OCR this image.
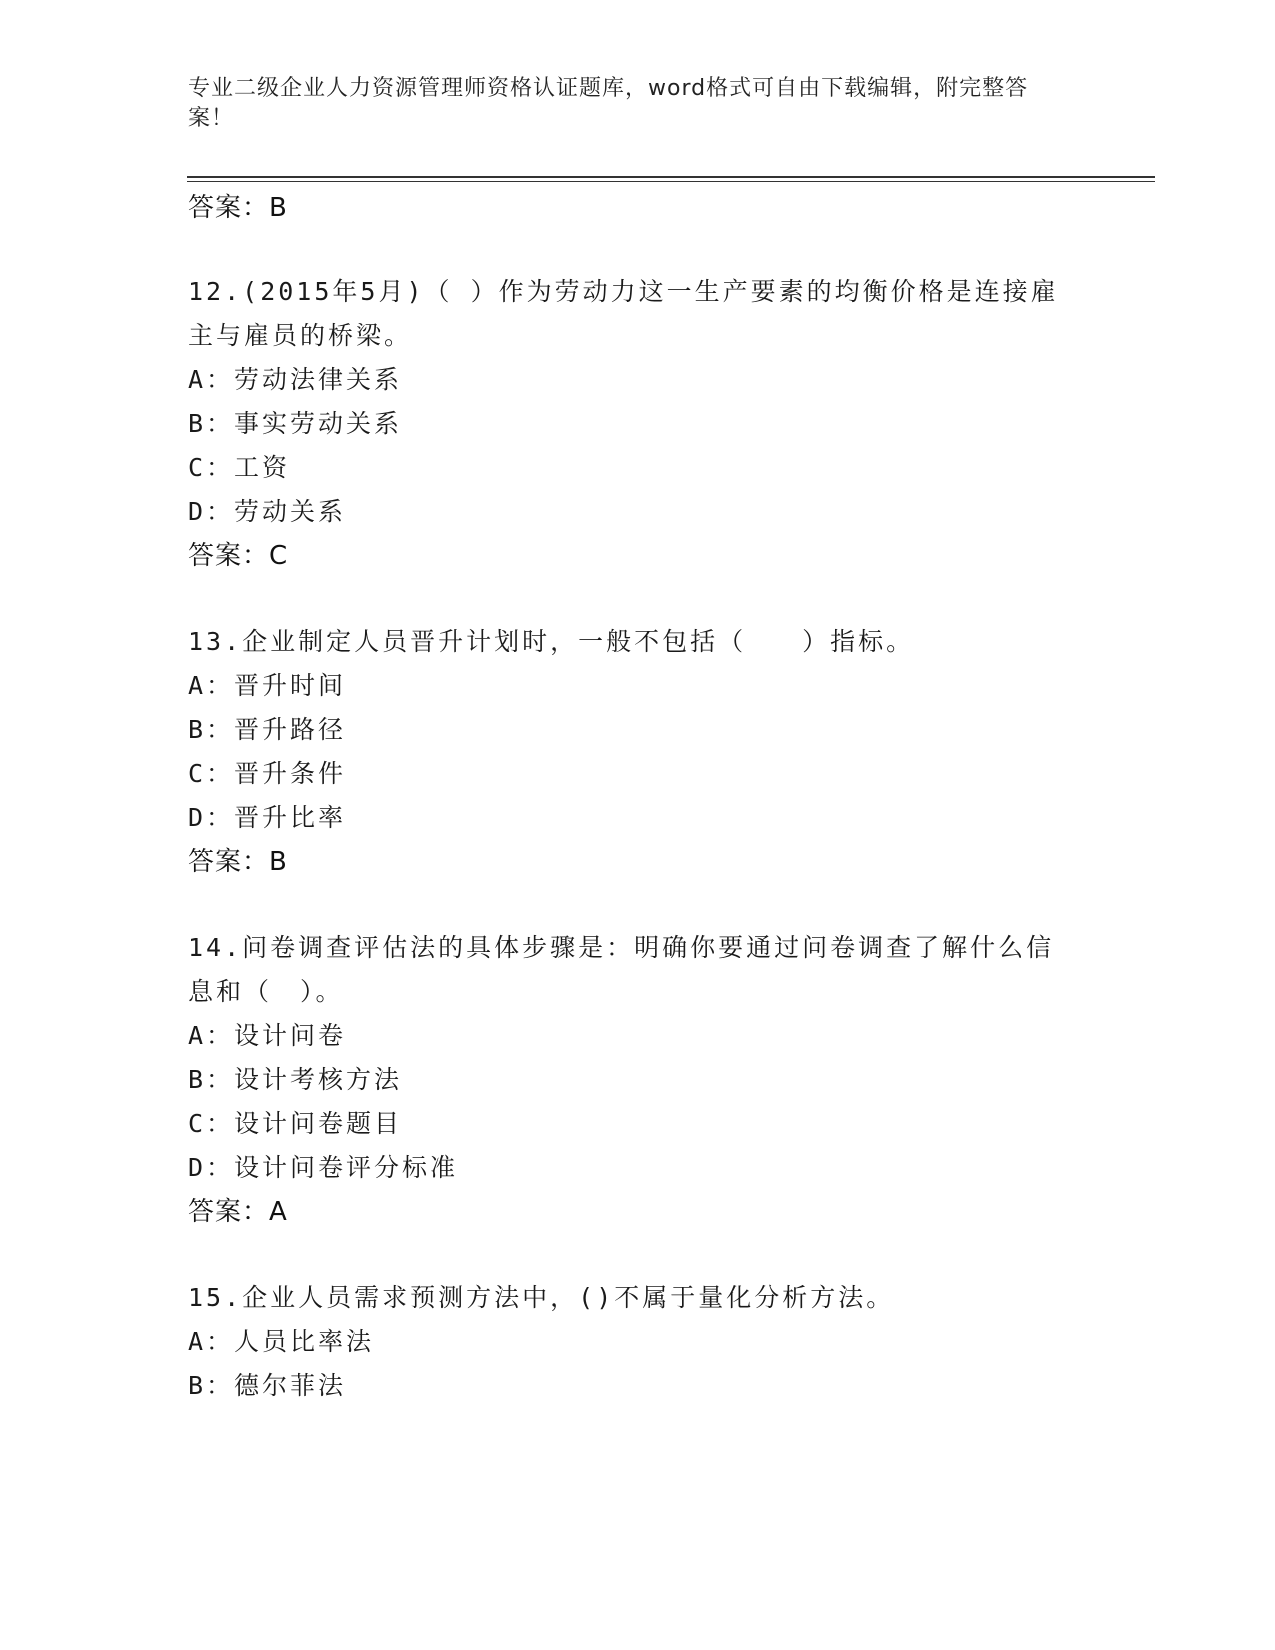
专业二级企业人力资源管理师资格认证题库，word格式可自由下载编辑，附完整答案！
答案：B
12.(2015年5月)（ ）作为劳动力这一生产要素的均衡价格是连接雇
主与雇员的桥梁。
A：劳动法律关系
B：事实劳动关系
C：工资
D：劳动关系
答案：C
13.企业制定人员晋升计划时，一般不包括（　　）指标。
A：晋升时间
B：晋升路径
C：晋升条件
D：晋升比率
答案：B
14.问卷调查评估法的具体步骤是：明确你要通过问卷调查了解什么信
息和（　）。
A：设计问卷
B：设计考核方法
C：设计问卷题目
D：设计问卷评分标准
答案：A
15.企业人员需求预测方法中，()不属于量化分析方法。
A：人员比率法
B：德尔菲法
